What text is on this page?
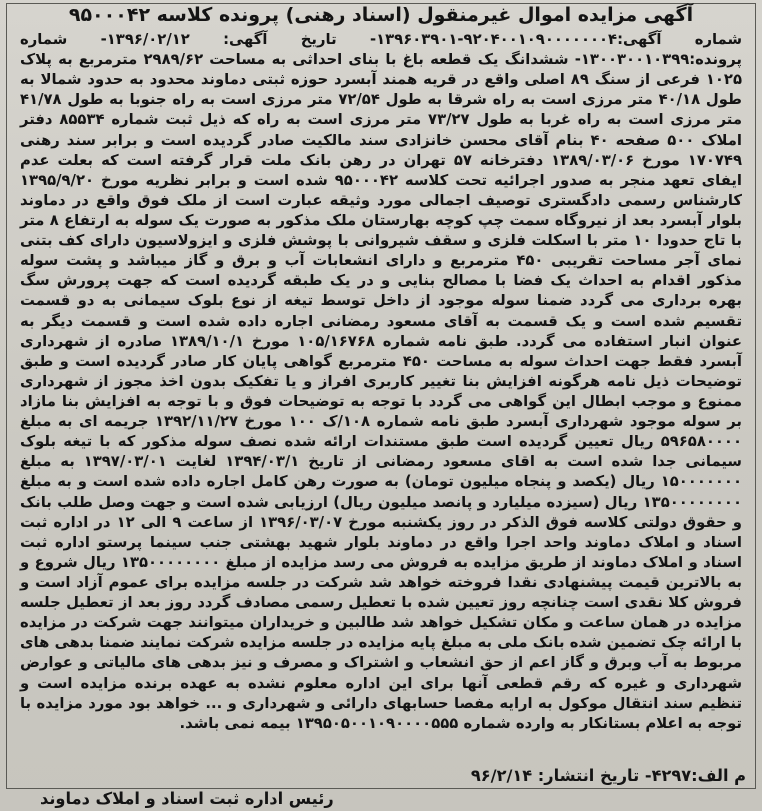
آگهی مزایده اموال غیرمنقول (اسناد رهنی) پرونده کلاسه ۹۵۰۰۰۴۲

شماره آگهی:۹۲۰۴۰۰۱۰۹۰۰۰۰۰۰۰۴-۱۳۹۶۰۳۹۰۱- تاریخ آگهی: ۱۳۹۶/۰۲/۱۲- شماره پرونده:۱۳۰۰۳۰۰۱۰۳۹۹- ششدانگ یک قطعه باغ با بنای احداثی به مساحت ۲۹۸۹/۶۲ مترمربع به پلاک ۱۰۲۵ فرعی از سنگ ۸۹ اصلی واقع در قریه همند آبسرد حوزه ثبتی دماوند محدود به حدود شمالا به طول ۴۰/۱۸ متر مرزی است به راه شرقا به طول ۷۲/۵۴ متر مرزی است به راه جنوبا به طول ۴۱/۷۸ متر مرزی است به راه غربا به طول ۷۳/۲۷ متر مرزی است به راه که ذیل ثبت شماره ۸۵۵۳۴ دفتر املاک ۵۰۰ صفحه ۴۰ بنام آقای محسن خانزادی سند مالکیت صادر گردیده است و برابر سند رهنی ۱۷۰۷۴۹ مورخ ۱۳۸۹/۰۳/۰۶ دفترخانه ۵۷ تهران در رهن بانک ملت قرار گرفته است که بعلت عدم ایفای تعهد منجر به صدور اجرائیه تحت کلاسه ۹۵۰۰۰۴۲ شده است و برابر نظریه مورخ ۱۳۹۵/۹/۲۰ کارشناس رسمی دادگستری توصیف اجمالی مورد وثیقه عبارت است از ملک فوق واقع در دماوند بلوار آبسرد بعد از نیروگاه سمت چپ کوچه بهارستان ملک مذکور به صورت یک سوله به ارتفاع ۸ متر با تاج حدودا ۱۰ متر با اسکلت فلزی و سقف شیروانی با پوشش فلزی و ایزولاسیون دارای کف بتنی نمای آجر مساحت تقریبی ۴۵۰ مترمربع و دارای انشعابات آب و برق و گاز میباشد و پشت سوله مذکور اقدام به احداث یک فضا با مصالح بنایی و در یک طبقه گردیده است که جهت پرورش سگ بهره برداری می گردد ضمنا سوله موجود از داخل توسط تیغه از نوع بلوک سیمانی به دو قسمت تقسیم شده است و یک قسمت به آقای مسعود رمضانی اجاره داده شده است و قسمت دیگر به عنوان انبار استفاده می گردد. طبق نامه شماره ۱۰۵/۱۶۷۶۸ مورخ ۱۳۸۹/۱۰/۱ صادره از شهرداری آبسرد فقط جهت احداث سوله به مساحت ۴۵۰ مترمربع گواهی پایان کار صادر گردیده است و طبق توضیحات ذیل نامه هرگونه افزایش بنا تغییر کاربری افراز و یا تفکیک بدون اخذ مجوز از شهرداری ممنوع و موجب ابطال این گواهی می گردد با توجه به توضیحات فوق و با توجه به افزایش بنا مازاد بر سوله موجود شهرداری آبسرد طبق نامه شماره ۱۰۸/ک ۱۰۰ مورخ ۱۳۹۲/۱۱/۲۷ جریمه ای به مبلغ ۵۹۶۵۸۰۰۰۰ ریال تعیین گردیده است طبق مستندات ارائه شده نصف سوله مذکور که با تیغه بلوک سیمانی جدا شده است به اقای مسعود رمضانی از تاریخ ۱۳۹۴/۰۳/۱ لغایت ۱۳۹۷/۰۳/۰۱ به مبلغ ۱۵۰۰۰۰۰۰۰ ریال (یکصد و پنجاه میلیون تومان) به صورت رهن کامل اجاره داده شده است و به مبلغ ۱۳۵۰۰۰۰۰۰۰۰ ریال (سیزده میلیارد و پانصد میلیون ریال) ارزیابی شده است و جهت وصل طلب بانک و حقوق دولتی کلاسه فوق الذکر در روز یکشنبه مورخ ۱۳۹۶/۰۳/۰۷ از ساعت ۹ الی ۱۲ در اداره ثبت اسناد و املاک دماوند واحد اجرا واقع در دماوند بلوار شهید بهشتی جنب سینما پرستو اداره ثبت اسناد و املاک دماوند از طریق مزایده به فروش می رسد مزایده از مبلغ ۱۳۵۰۰۰۰۰۰۰۰ ریال شروع و به بالاترین قیمت پیشنهادی نقدا فروخته خواهد شد شرکت در جلسه مزایده برای عموم آزاد است و فروش کلا نقدی است چنانچه روز تعیین شده با تعطیل رسمی مصادف گردد روز بعد از تعطیل جلسه مزایده در همان ساعت و مکان تشکیل خواهد شد طالبین و خریداران میتوانند جهت شرکت در مزایده با ارائه چک تضمین شده بانک ملی به مبلغ پایه مزایده در جلسه مزایده شرکت نمایند ضمنا بدهی های مربوط به آب وبرق و گاز اعم از حق انشعاب و اشتراک و مصرف و نیز بدهی های مالیاتی و عوارض شهرداری و غیره که رقم قطعی آنها برای این اداره معلوم نشده به عهده برنده مزایده است و تنظیم سند انتقال موکول به ارایه مفصا حسابهای دارائی و شهرداری و ... خواهد بود مورد مزایده با توجه به اعلام بستانکار به وارده شماره ۱۳۹۵۰۵۰۰۱۰۹۰۰۰۰۵۵۵ بیمه نمی باشد.

م الف:۴۲۹۷- تاریخ انتشار: ۹۶/۲/۱۴
رئیس اداره ثبت اسناد و املاک دماوند
